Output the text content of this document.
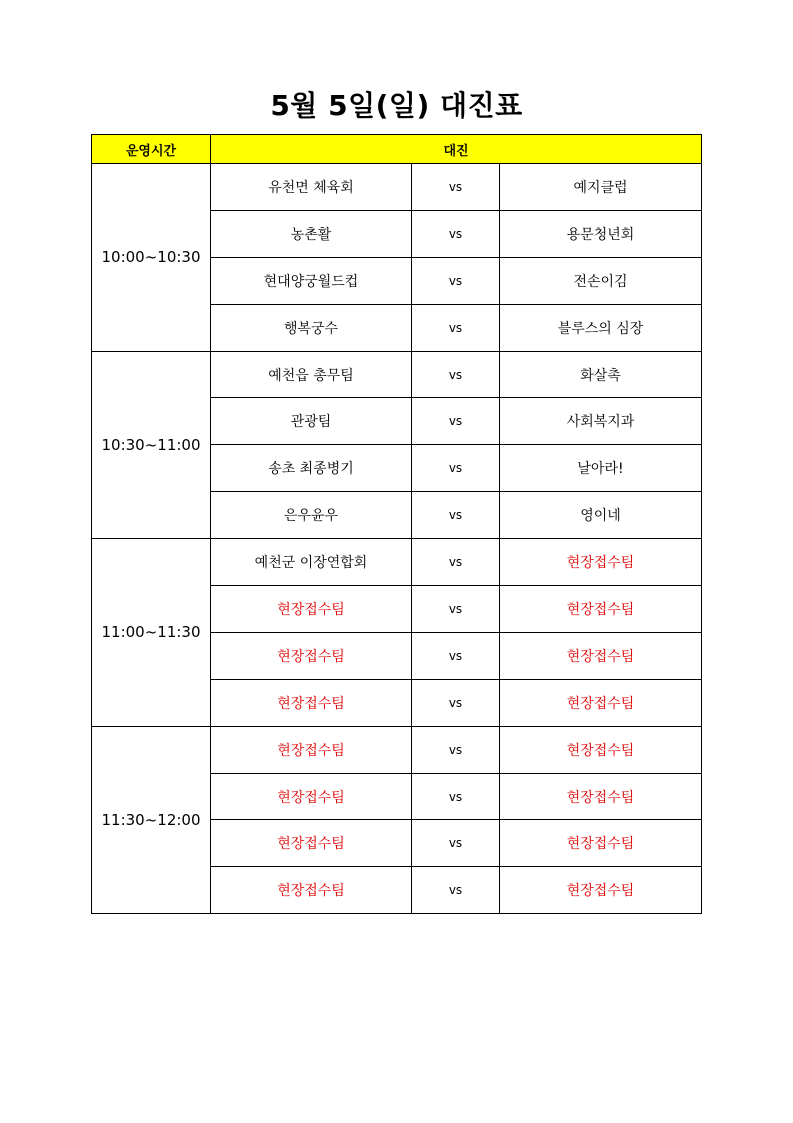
5월 5일(일) 대진표
운영시간	대진		
10:00~10:30	유천면 체육회	vs	예지클럽
	농촌활	vs	용문청년회
	현대양궁월드컵	vs	전손이김
	행복궁수	vs	블루스의 심장
10:30~11:00	예천읍 총무팀	vs	화살촉
	관광팀	vs	사회복지과
	송초 최종병기	vs	날아라!
	은우윤우	vs	영이네
11:00~11:30	예천군 이장연합회	vs	현장접수팀
	현장접수팀	vs	현장접수팀
	현장접수팀	vs	현장접수팀
	현장접수팀	vs	현장접수팀
11:30~12:00	현장접수팀	vs	현장접수팀
	현장접수팀	vs	현장접수팀
	현장접수팀	vs	현장접수팀
	현장접수팀	vs	현장접수팀
